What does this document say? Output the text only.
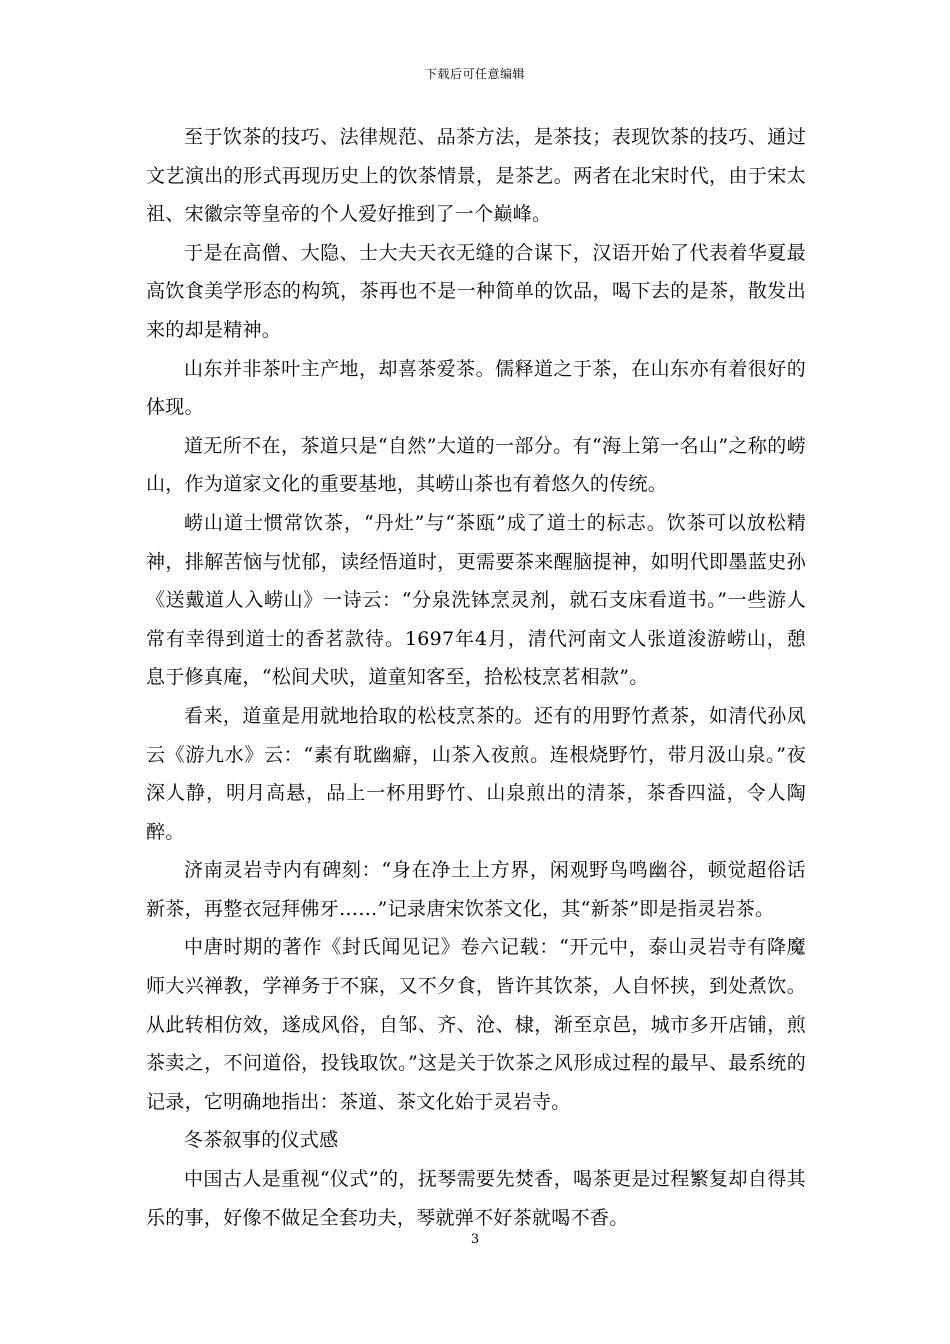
下载后可任意编辑

至于饮茶的技巧、法律规范、品茶方法，是茶技；表现饮茶的技巧、通过文艺演出的形式再现历史上的饮茶情景，是茶艺。两者在北宋时代，由于宋太祖、宋徽宗等皇帝的个人爱好推到了一个巅峰。

于是在高僧、大隐、士大夫天衣无缝的合谋下，汉语开始了代表着华夏最高饮食美学形态的构筑，茶再也不是一种简单的饮品，喝下去的是茶，散发出来的却是精神。

山东并非茶叶主产地，却喜茶爱茶。儒释道之于茶，在山东亦有着很好的体现。

道无所不在，茶道只是“自然”大道的一部分。有“海上第一名山”之称的崂山，作为道家文化的重要基地，其崂山茶也有着悠久的传统。

崂山道士惯常饮茶，“丹灶”与“茶瓯”成了道士的标志。饮茶可以放松精神，排解苦恼与忧郁，读经悟道时，更需要茶来醒脑提神，如明代即墨蓝史孙《送戴道人入崂山》一诗云：“分泉洗钵烹灵剂，就石支床看道书。”一些游人常有幸得到道士的香茗款待。1697年4月，清代河南文人张道浚游崂山，憩息于修真庵，“松间犬吠，道童知客至，拾松枝烹茗相款”。

看来，道童是用就地拾取的松枝烹茶的。还有的用野竹煮茶，如清代孙凤云《游九水》云：“素有耽幽癖，山茶入夜煎。连根烧野竹，带月汲山泉。”夜深人静，明月高悬，品上一杯用野竹、山泉煎出的清茶，茶香四溢，令人陶醉。

济南灵岩寺内有碑刻：“身在净土上方界，闲观野鸟鸣幽谷，顿觉超俗话新茶，再整衣冠拜佛牙……”记录唐宋饮茶文化，其“新茶”即是指灵岩茶。

中唐时期的著作《封氏闻见记》卷六记载：“开元中，泰山灵岩寺有降魔师大兴禅教，学禅务于不寐，又不夕食，皆许其饮茶，人自怀挟，到处煮饮。从此转相仿效，遂成风俗，自邹、齐、沧、棣，渐至京邑，城市多开店铺，煎茶卖之，不问道俗，投钱取饮。”这是关于饮茶之风形成过程的最早、最系统的记录，它明确地指出：茶道、茶文化始于灵岩寺。

冬茶叙事的仪式感

中国古人是重视“仪式”的，抚琴需要先焚香，喝茶更是过程繁复却自得其乐的事，好像不做足全套功夫，琴就弹不好茶就喝不香。

3
